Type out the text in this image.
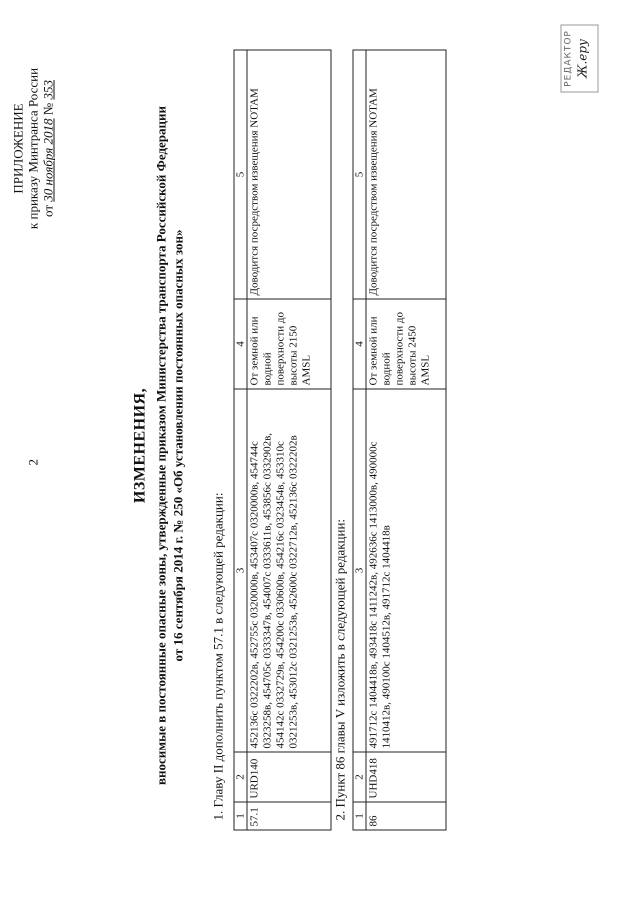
2
ПРИЛОЖЕНИЕ к приказу Минтранса России от 30 ноября 2018 № 353
РЕДАКТОР Ж.еру
ИЗМЕНЕНИЯ, вносимые в постоянные опасные зоны, утвержденные приказом Министерства транспорта Российской Федерации от 16 сентября 2014 г. № 250 «Об установлении постоянных опасных зон» 1. Главу II дополнить пунктом 57.1 в следующей редакции: 1	2	3	4	5
57.1	URD140	452136с 0322202в, 452755с 0320000в, 453407с 0320000в, 454744с 0323258в, 454705с 0333347в, 454007с 0333611в, 453856с 0332902в, 454142с 0332729в, 454200с 0330600в, 454216с 0323454в, 453310с 0321253в, 453012с 0321253в, 452600с 0322712в, 452136с 0322202в	От земной или водной поверхности до высоты 2150 AMSL	Доводится посредством извещения NOTAM
2. Пункт 86 главы V изложить в следующей редакции: 1	2	3	4	5
86	UHD418	491712с 1404418в, 493418с 1411242в, 492636с 1413000в, 490000с 1410412в, 490100с 1404512в, 491712с 1404418в	От земной или водной поверхности до высоты 2450 AMSL	Доводится посредством извещения NOTAM
